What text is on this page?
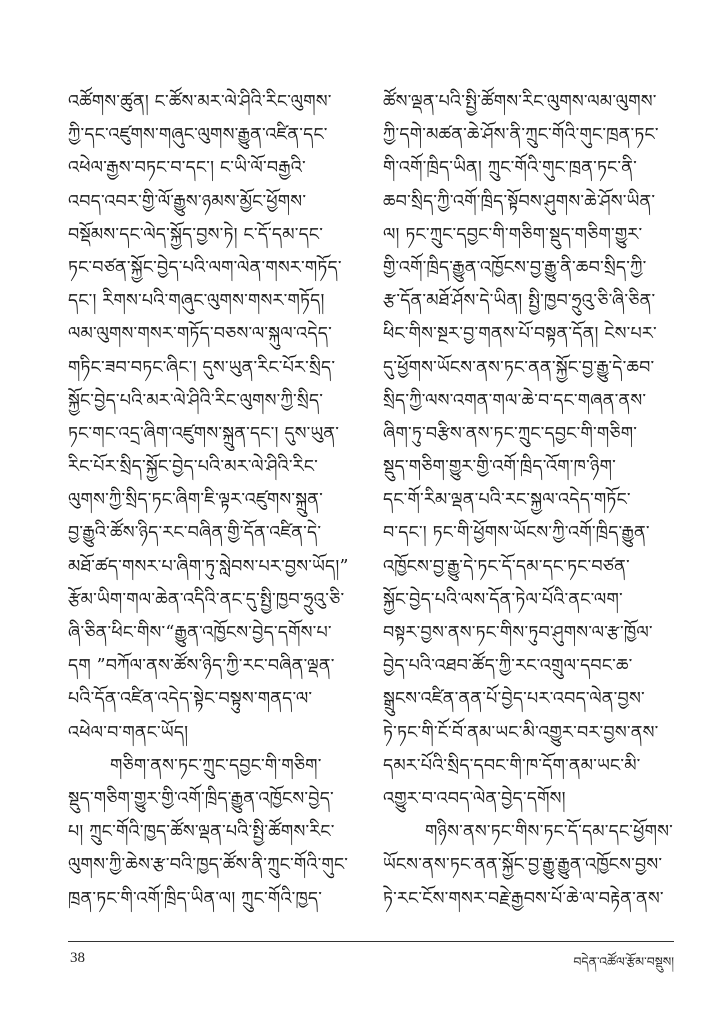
འཚོགས་ཚུན། ང་ཚོས་མར་ལེ་ཤིའི་རིང་ལུགས་
ཀྱི་དང་འཛུགས་གཞུང་ལུགས་རྒྱུན་འཛིན་དང་
འཕེལ་རྒྱས་བཏང་བ་དང་། ང་ཡི་ལོ་བརྒྱའི་
འབད་འབར་གྱི་ལོ་རྒྱུས་ཉམས་མྱོང་ཕྱོགས་
བསྡོམས་དང་ལེད་སྐྱོད་བྱས་ཏེ། ང་དོ་དམ་དང་
ཏང་བཙན་སྐྱོང་བྱེད་པའི་ལག་ལེན་གསར་གཏོད་
དང་། རིགས་པའི་གཞུང་ལུགས་གསར་གཏོད།
ལམ་ལུགས་གསར་གཏོད་བཅས་ལ་སྐུལ་འདེད་
གཏིང་ཟབ་བཏང་ཞིང་། དུས་ཡུན་རིང་པོར་སྲིད་
སྐྱོང་བྱེད་པའི་མར་ལེ་ཤིའི་རིང་ལུགས་ཀྱི་སྲིད་
ཏང་གང་འདྲ་ཞིག་འཛུགས་སྐྲུན་དང་། དུས་ཡུན་
རིང་པོར་སྲིད་སྐྱོང་བྱེད་པའི་མར་ལེ་ཤིའི་རིང་
ལུགས་ཀྱི་སྲིད་ཏང་ཞིག་ཇི་ལྟར་འཛུགས་སྐྲུན་
བྱ་རྒྱུའི་ཚོས་ཉིད་རང་བཞིན་གྱི་དོན་འཛིན་དེ་
མཐོ་ཚད་གསར་པ་ཞིག་ཏུ་སླེབས་པར་བྱས་ཡོད།”
རྩོམ་ཡིག་གལ་ཆེན་འདིའི་ནང་དུ་སྤྱི་ཁྱབ་ཧྲུའུ་ཅི་
ཞི་ཅིན་ཕིང་གིས་“རྒྱུན་འཁྱོངས་བྱེད་དགོས་པ་
དག ”བཀོལ་ནས་ཚོས་ཉིད་ཀྱི་རང་བཞིན་ལྡན་
པའི་དོན་འཛིན་འདེད་སྟེང་བསྟུས་གནད་ལ་
འཕེལ་བ་གནང་ཡོད།
གཅིག་ནས་ཏང་ཀྲུང་དབྱང་གི་གཅིག་
སྡུད་གཅིག་གྱུར་གྱི་འགོ་ཁྲིད་རྒྱུན་འཁྱོངས་བྱེད་
པ། ཀྲུང་གོའི་ཁྱད་ཚོས་ལྡན་པའི་སྤྱི་ཚོགས་རིང་
ལུགས་ཀྱི་ཆེས་རྩ་བའི་ཁྱད་ཚོས་ནི་ཀྲུང་གོའི་གུང་
ཁྲན་ཏང་གི་འགོ་ཁྲིད་ཡིན་ལ། ཀྲུང་གོའི་ཁྱད་
ཚོས་ལྡན་པའི་སྤྱི་ཚོགས་རིང་ལུགས་ལམ་ལུགས་
ཀྱི་དགེ་མཚན་ཆེ་ཤོས་ནི་ཀྲུང་གོའི་གུང་ཁྲན་ཏང་
གི་འགོ་ཁྲིད་ཡིན། ཀྲུང་གོའི་གུང་ཁྲན་ཏང་ནི་
ཆབ་སྲིད་ཀྱི་འགོ་ཁྲིད་སྟོབས་ཤུགས་ཆེ་ཤོས་ཡིན་
ལ། ཏང་ཀྲུང་དབྱང་གི་གཅིག་སྡུད་གཅིག་གྱུར་
གྱི་འགོ་ཁྲིད་རྒྱུན་འཁྱོངས་བྱ་རྒྱུ་ནི་ཆབ་སྲིད་ཀྱི་
རྩ་དོན་མཐོ་ཤོས་དེ་ཡིན། སྤྱི་ཁྱབ་ཧྲུའུ་ཅི་ཞི་ཅིན་
ཕིང་གིས་སྔར་བྱ་གནས་པོ་བསྟན་དོན། ངེས་པར་
དུ་ཕྱོགས་ཡོངས་ནས་ཏང་ནན་སྐྱོང་བྱ་རྒྱུ་དེ་ཆབ་
སྲིད་ཀྱི་ལས་འགན་གལ་ཆེ་བ་དང་གཞན་ནས་
ཞིག་ཏུ་བརྩིས་ནས་ཏང་ཀྲུང་དབྱང་གི་གཅིག་
སྡུད་གཅིག་གྱུར་གྱི་འགོ་ཁྲིད་འོག་ཁ་ཉིག་
དང་གོ་རིམ་ལྡན་པའི་རང་སྐྱལ་འདེད་གཏོང་
བ་དང་། ཏང་གི་ཕྱོགས་ཡོངས་ཀྱི་འགོ་ཁྲིད་རྒྱུན་
འཁྱོངས་བྱ་རྒྱུ་དེ་ཏང་དོ་དམ་དང་ཏང་བཙན་
སྐྱོང་བྱེད་པའི་ལས་དོན་ཏེལ་པོའི་ནང་ལག་
བསྟར་བྱས་ནས་ཏང་གིས་ཏུབ་ཤུགས་ལ་རྩ་ཁྱོལ་
བྱེད་པའི་འཐབ་ཚོད་ཀྱི་རང་འགྲུལ་དབང་ཆ་
སྒྲུངས་འཛིན་ནན་པོ་བྱེད་པར་འབད་ལེན་བྱས་
ཏེ་ཏང་གི་ངོ་བོ་ནམ་ཡང་མི་འགྱུར་བར་བྱས་ནས་
དམར་པོའི་སྲིད་དབང་གི་ཁ་དོག་ནམ་ཡང་མི་
འགྱུར་བ་འབད་ལེན་བྱེད་དགོས།
གཉིས་ནས་ཏང་གིས་ཏང་དོ་དམ་དང་ཕྱོགས་
ཡོངས་ནས་ཏང་ནན་སྐྱོང་བྱ་རྒྱུ་རྒྱུན་འཁྱོངས་བྱས་
ཏེ་རང་ངོས་གསར་བརྗེ་རྒྱབས་པོ་ཆེ་ལ་བརྟེན་ནས་
38	བདེན་འཚོལ་རྩོམ་བསྡུས།
